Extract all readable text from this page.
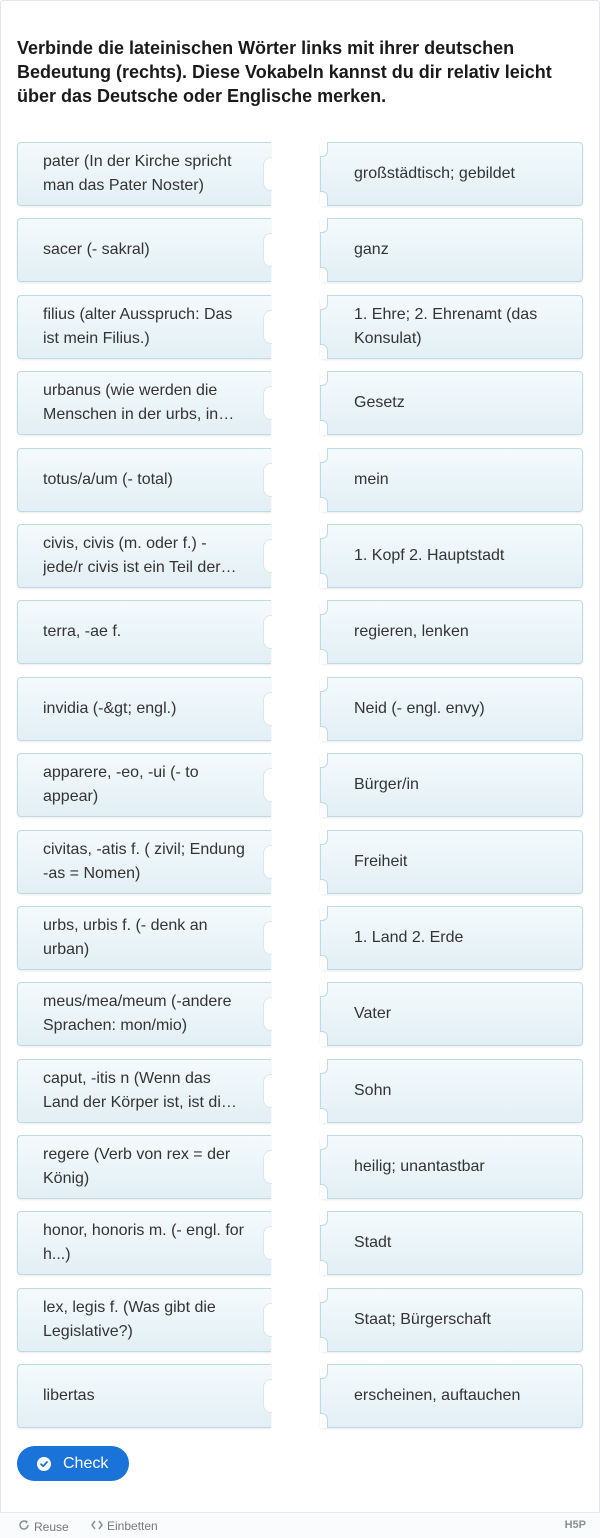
Verbinde die lateinischen Wörter links mit ihrer deutschen Bedeutung (rechts). Diese Vokabeln kannst du dir relativ leicht über das Deutsche oder Englische merken.
pater (In der Kirche spricht man das Pater Noster)
großstädtisch; gebildet
sacer (- sakral)	ganz
filius (alter Ausspruch: Das ist mein Filius.)
1. Ehre; 2. Ehrenamt (das Konsulat)
urbanus (wie werden die Menschen in der urbs, in…
Gesetz
totus/a/um (- total)	mein
civis, civis (m. oder f.) - jede/r civis ist ein Teil der…
1. Kopf 2. Hauptstadt
terra, -ae f.	regieren, lenken
invidia (-&gt; engl.)	Neid (- engl. envy)
apparere, -eo, -ui (- to appear)
Bürger/in
civitas, -atis f. ( zivil; Endung -as = Nomen)
Freiheit
urbs, urbis f. (- denk an urban)
1. Land 2. Erde
meus/mea/meum (-andere Sprachen: mon/mio)
Vater
caput, -itis n (Wenn das Land der Körper ist, ist di…
Sohn
regere (Verb von rex = der König)
heilig; unantastbar
honor, honoris m. (- engl. for h...)
Stadt
lex, legis f. (Was gibt die Legislative?)
Staat; Bürgerschaft
libertas	erscheinen, auftauchen
Check
Reuse	Einbetten	H5P
